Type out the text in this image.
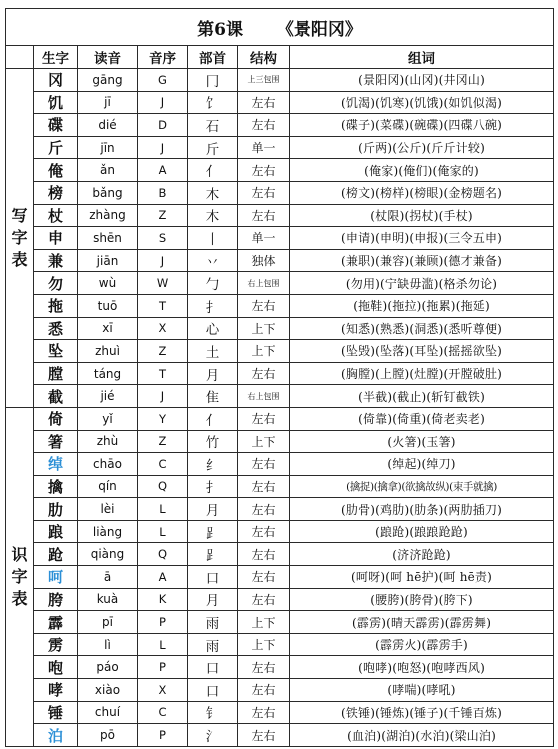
第6课 《景阳冈》						
	生字	读音	音序	部首	结构	组词

写
字
表	冈	gāng	G	冂	上三包围	(景阳冈)(山冈)(井冈山)
	饥	jī	J	饣	左右	(饥渴)(饥寒)(饥饿)(如饥似渴)
	碟	dié	D	石	左右	(碟子)(菜碟)(碗碟)(四碟八碗)
	斤	jīn	J	斤	单一	(斤两)(公斤)(斤斤计较)
	俺	ǎn	A	亻	左右	(俺家)(俺们)(俺家的)
	榜	bǎng	B	木	左右	(榜文)(榜样)(榜眼)(金榜题名)
	杖	zhàng	Z	木	左右	(杖限)(拐杖)(手杖)
	申	shēn	S	丨	单一	(申请)(申明)(申报)(三令五申)
	兼	jiān	J	丷	独体	(兼职)(兼容)(兼顾)(德才兼备)
	勿	wù	W	勹	右上包围	(勿用)(宁缺毋滥)(格杀勿论)
	拖	tuō	T	扌	左右	(拖鞋)(拖拉)(拖累)(拖延)
	悉	xī	X	心	上下	(知悉)(熟悉)(洞悉)(悉听尊便)
	坠	zhuì	Z	土	上下	(坠毁)(坠落)(耳坠)(摇摇欲坠)
	膛	táng	T	月	左右	(胸膛)(上膛)(灶膛)(开膛破肚)
	截	jié	J	隹	右上包围	(半截)(截止)(斩钉截铁)

识
字
表	倚	yǐ	Y	亻	左右	(倚靠)(倚重)(倚老卖老)
	箸	zhù	Z	竹	上下	(火箸)(玉箸)
	绰	chāo	C	纟	左右	(绰起)(绰刀)
	擒	qín	Q	扌	左右	(擒捉)(擒拿)(欲擒故纵)(束手就擒)
	肋	lèi	L	月	左右	(肋骨)(鸡肋)(肋条)(两肋插刀)
	踉	liàng	L	⻊	左右	(踉跄)(踉踉跄跄)
	跄	qiàng	Q	⻊	左右	(济济跄跄)
	呵	ā	A	口	左右	(呵呀)(呵 hē护)(呵 hē责)
	胯	kuà	K	月	左右	(腰胯)(胯骨)(胯下)
	霹	pī	P	雨	上下	(霹雳)(晴天霹雳)(霹雳舞)
	雳	lì	L	雨	上下	(霹雳火)(霹雳手)
	咆	páo	P	口	左右	(咆哮)(咆怒)(咆哮西风)
	哮	xiào	X	口	左右	(哮喘)(哮吼)
	锤	chuí	C	钅	左右	(铁锤)(锤炼)(锤子)(千锤百炼)
	泊	pō	P	氵	左右	(血泊)(湖泊)(水泊)(梁山泊)
